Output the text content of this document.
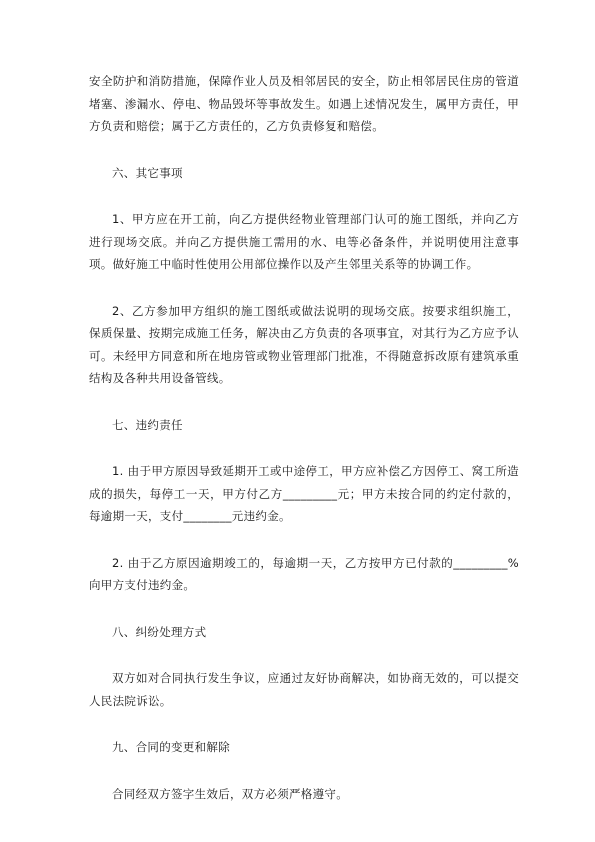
安全防护和消防措施，保障作业人员及相邻居民的安全，防止相邻居民住房的管道堵塞、渗漏水、停电、物品毁坏等事故发生。如遇上述情况发生，属甲方责任，甲方负责和赔偿；属于乙方责任的，乙方负责修复和赔偿。

六、其它事项

1、甲方应在开工前，向乙方提供经物业管理部门认可的施工图纸，并向乙方进行现场交底。并向乙方提供施工需用的水、电等必备条件，并说明使用注意事项。做好施工中临时性使用公用部位操作以及产生邻里关系等的协调工作。

2、乙方参加甲方组织的施工图纸或做法说明的现场交底。按要求组织施工，保质保量、按期完成施工任务，解决由乙方负责的各项事宜，对其行为乙方应予认可。未经甲方同意和所在地房管或物业管理部门批准，不得随意拆改原有建筑承重结构及各种共用设备管线。

七、违约责任

1. 由于甲方原因导致延期开工或中途停工，甲方应补偿乙方因停工、窝工所造成的损失，每停工一天，甲方付乙方_________元；甲方未按合同的约定付款的，每逾期一天，支付________元违约金。

2. 由于乙方原因逾期竣工的，每逾期一天，乙方按甲方已付款的_________%向甲方支付违约金。

八、纠纷处理方式

双方如对合同执行发生争议，应通过友好协商解决，如协商无效的，可以提交人民法院诉讼。

九、合同的变更和解除

合同经双方签字生效后，双方必须严格遵守。
